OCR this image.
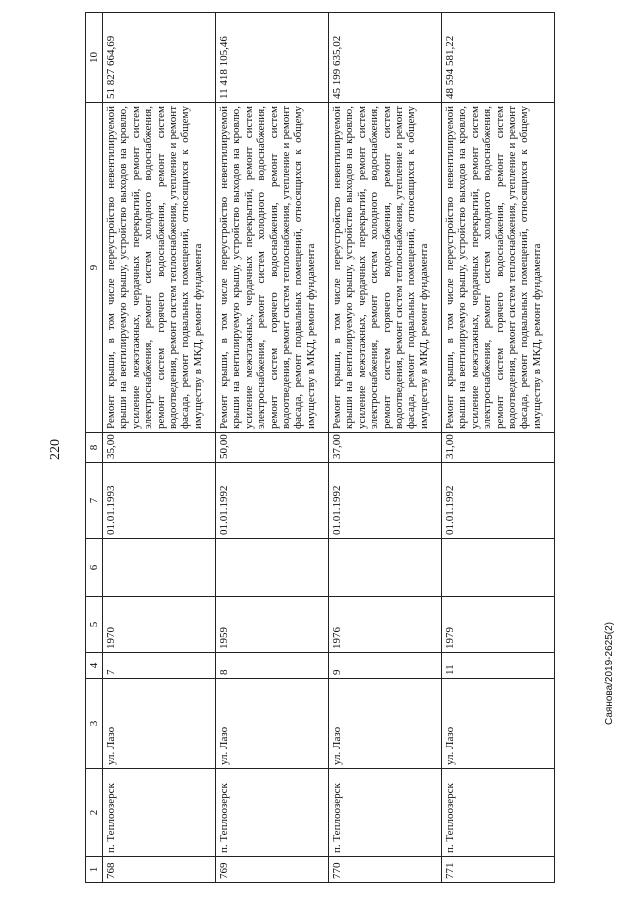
220
Саянова/2019-2625(2)
1	2	3	4	5	6	7	8	9	10
768	п. Теплоозерск	ул. Лазо	7	1970		01.01.1993	35,00	Ремонт крыши, в том числе переустройство невентилируемой крыши на вентилируемую крышу, устройство выходов на кровлю, усиление межэтажных, чердачных перекрытий, ремонт систем электроснабжения, ремонт систем холодного водоснабжения, ремонт систем горячего водоснабжения, ремонт систем водоотведения, ремонт систем теплоснабжения, утепление и ремонт фасада, ремонт подвальных помещений, относящихся к общему имуществу в МКД, ремонт фундамента	51 827 664,69
769	п. Теплоозерск	ул. Лазо	8	1959		01.01.1992	50,00	Ремонт крыши, в том числе переустройство невентилируемой крыши на вентилируемую крышу, устройство выходов на кровлю, усиление межэтажных, чердачных перекрытий, ремонт систем электроснабжения, ремонт систем холодного водоснабжения, ремонт систем горячего водоснабжения, ремонт систем водоотведения, ремонт систем теплоснабжения, утепление и ремонт фасада, ремонт подвальных помещений, относящихся к общему имуществу в МКД, ремонт фундамента	11 418 105,46
770	п. Теплоозерск	ул. Лазо	9	1976		01.01.1992	37,00	Ремонт крыши, в том числе переустройство невентилируемой крыши на вентилируемую крышу, устройство выходов на кровлю, усиление межэтажных, чердачных перекрытий, ремонт систем электроснабжения, ремонт систем холодного водоснабжения, ремонт систем горячего водоснабжения, ремонт систем водоотведения, ремонт систем теплоснабжения, утепление и ремонт фасада, ремонт подвальных помещений, относящихся к общему имуществу в МКД, ремонт фундамента	45 199 635,02
771	п. Теплоозерск	ул. Лазо	11	1979		01.01.1992	31,00	Ремонт крыши, в том числе переустройство невентилируемой крыши на вентилируемую крышу, устройство выходов на кровлю, усиление межэтажных, чердачных перекрытий, ремонт систем электроснабжения, ремонт систем холодного водоснабжения, ремонт систем горячего водоснабжения, ремонт систем водоотведения, ремонт систем теплоснабжения, утепление и ремонт фасада, ремонт подвальных помещений, относящихся к общему имуществу в МКД, ремонт фундамента	48 594 581,22
